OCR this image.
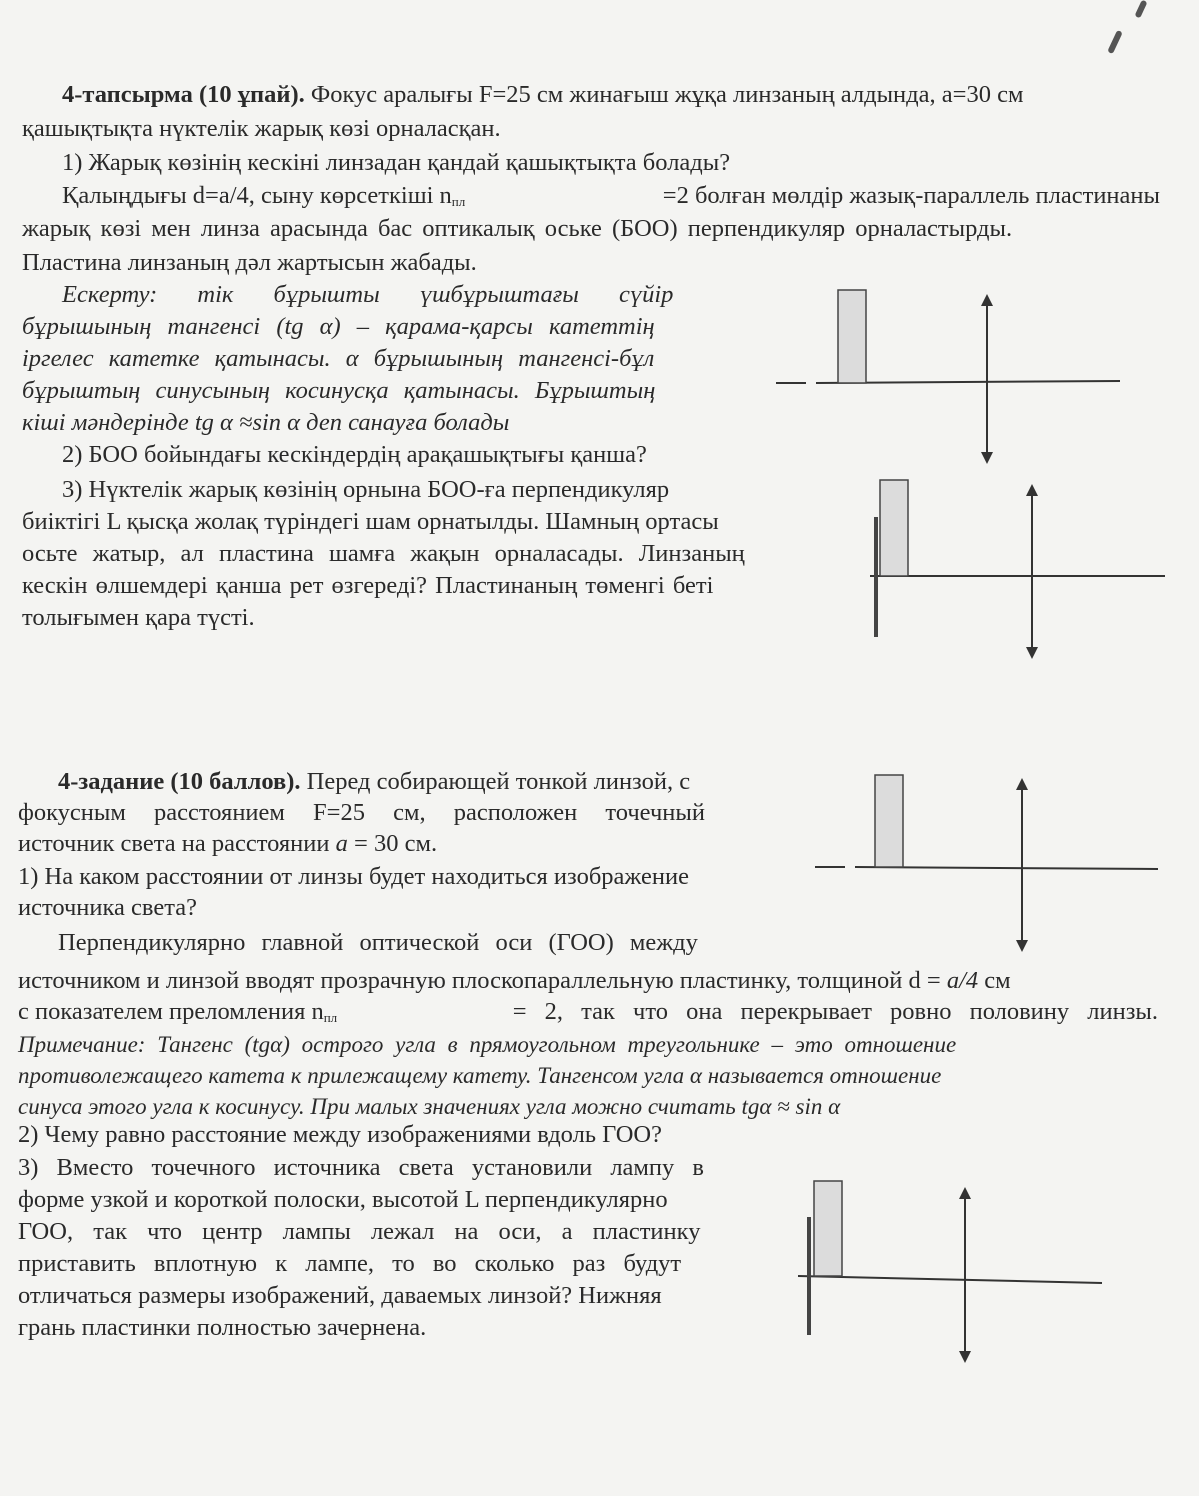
4-тапсырма (10 ұпай). Фокус аралығы F=25 см жинағыш жұқа линзаның алдында, a=30 см
қашықтықта нүктелік жарық көзі орналасқан.
1) Жарық көзінің кескіні линзадан қандай қашықтықта болады?
Қалыңдығы d=a/4, сыну көрсеткіші $n_{пл}$	=2 болған мөлдір жазық-параллель пластинаны
жарық көзі мен линза арасында бас оптикалық оське (БОО) перпендикуляр орналастырды.
Пластина линзаның дәл жартысын жабады.
Ескерту: тік бұрышты үшбұрыштағы сүйір
бұрышының тангенсі (tg α) – қарама-қарсы катеттің
іргелес катетке қатынасы. α бұрышының тангенсі-бұл
бұрыштың синусының косинусқа қатынасы. Бұрыштың
кіші мәндерінде tg α ≈sin α деп санауға болады
2) БОО бойындағы кескіндердің арақашықтығы қанша?
3) Нүктелік жарық көзінің орнына БОО-ға перпендикуляр
биіктігі L қысқа жолақ түріндегі шам орнатылды. Шамның ортасы
осьте жатыр, ал пластина шамға жақын орналасады. Линзаның
кескін өлшемдері қанша рет өзгереді? Пластинаның төменгі беті
толығымен қара түсті.
4-задание (10 баллов). Перед собирающей тонкой линзой, с
фокусным расстоянием F=25 см, расположен точечный
источник света на расстоянии a = 30 см.
1) На каком расстоянии от линзы будет находиться изображение
источника света?
Перпендикулярно главной оптической оси (ГОО) между
источником и линзой вводят прозрачную плоскопараллельную пластинку, толщиной d = a/4 см
с показателем преломления $n_{пл}$	= 2, так что она перекрывает ровно половину линзы.
Примечание: Тангенс (tgα) острого угла в прямоугольном треугольнике – это отношение
противолежащего катета к прилежащему катету. Тангенсом угла α называется отношение
синуса этого угла к косинусу. При малых значениях угла можно считать tgα ≈ sin α
2) Чему равно расстояние между изображениями вдоль ГОО?
3) Вместо точечного источника света установили лампу в
форме узкой и короткой полоски, высотой L перпендикулярно
ГОО, так что центр лампы лежал на оси, а пластинку
приставить вплотную к лампе, то во сколько раз будут
отличаться размеры изображений, даваемых линзой? Нижняя
грань пластинки полностью зачернена.
